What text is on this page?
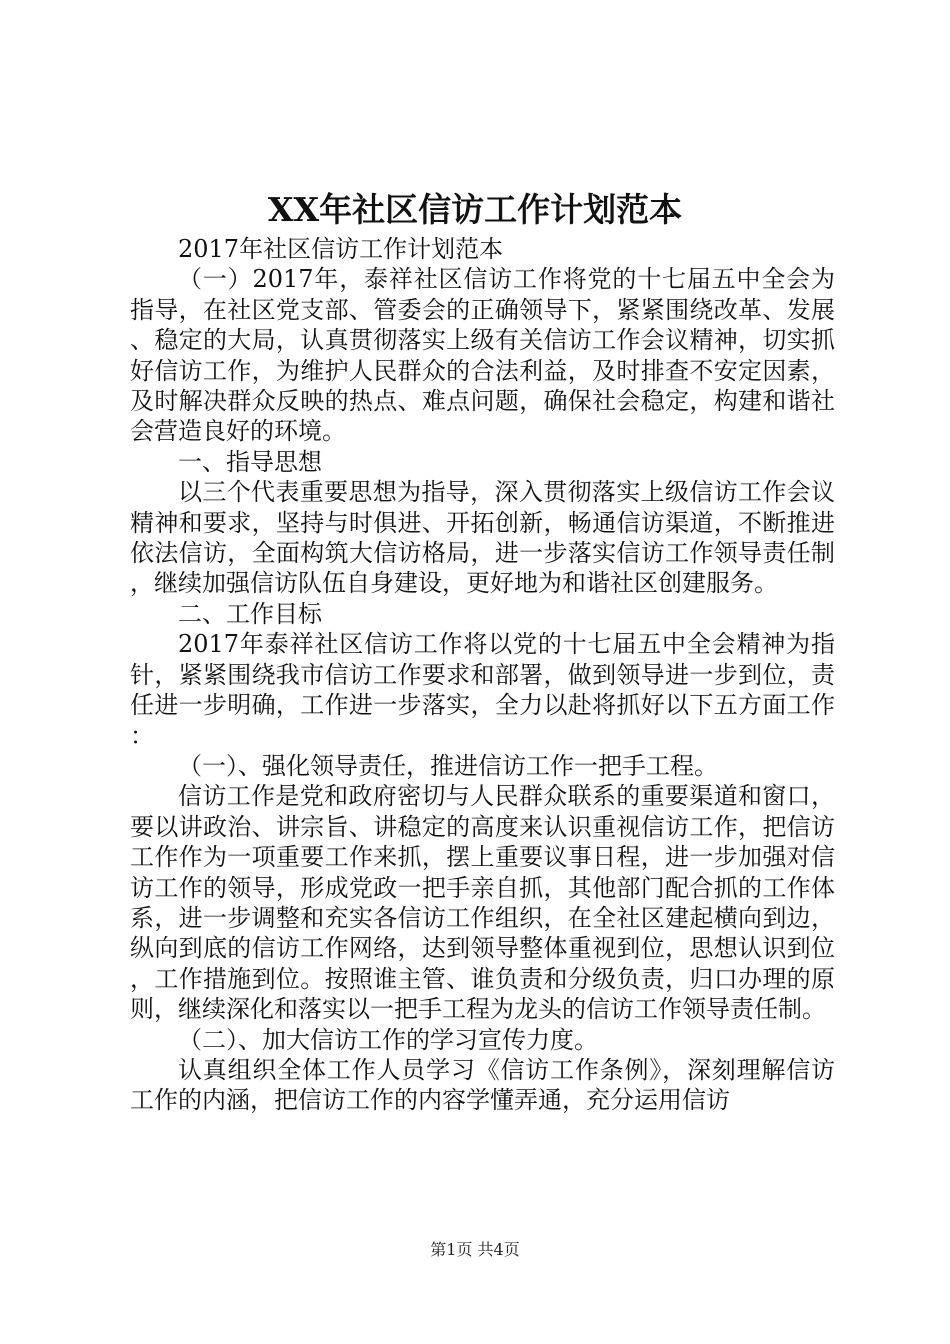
XX年社区信访工作计划范本

2017年社区信访工作计划范本

（一）2017年，泰祥社区信访工作将党的十七届五中全会为指导，在社区党支部、管委会的正确领导下，紧紧围绕改革、发展、稳定的大局，认真贯彻落实上级有关信访工作会议精神，切实抓好信访工作，为维护人民群众的合法利益，及时排查不安定因素，及时解决群众反映的热点、难点问题，确保社会稳定，构建和谐社会营造良好的环境。

一、指导思想

以三个代表重要思想为指导，深入贯彻落实上级信访工作会议精神和要求，坚持与时俱进、开拓创新，畅通信访渠道，不断推进依法信访，全面构筑大信访格局，进一步落实信访工作领导责任制，继续加强信访队伍自身建设，更好地为和谐社区创建服务。

二、工作目标

2017年泰祥社区信访工作将以党的十七届五中全会精神为指针，紧紧围绕我市信访工作要求和部署，做到领导进一步到位，责任进一步明确，工作进一步落实，全力以赴将抓好以下五方面工作：

（一）、强化领导责任，推进信访工作一把手工程。

信访工作是党和政府密切与人民群众联系的重要渠道和窗口，要以讲政治、讲宗旨、讲稳定的高度来认识重视信访工作，把信访工作作为一项重要工作来抓，摆上重要议事日程，进一步加强对信访工作的领导，形成党政一把手亲自抓，其他部门配合抓的工作体系，进一步调整和充实各信访工作组织，在全社区建起横向到边，纵向到底的信访工作网络，达到领导整体重视到位，思想认识到位，工作措施到位。按照谁主管、谁负责和分级负责，归口办理的原则，继续深化和落实以一把手工程为龙头的信访工作领导责任制。

（二）、加大信访工作的学习宣传力度。

认真组织全体工作人员学习《信访工作条例》，深刻理解信访工作的内涵，把信访工作的内容学懂弄通，充分运用信访

第1页 共4页
